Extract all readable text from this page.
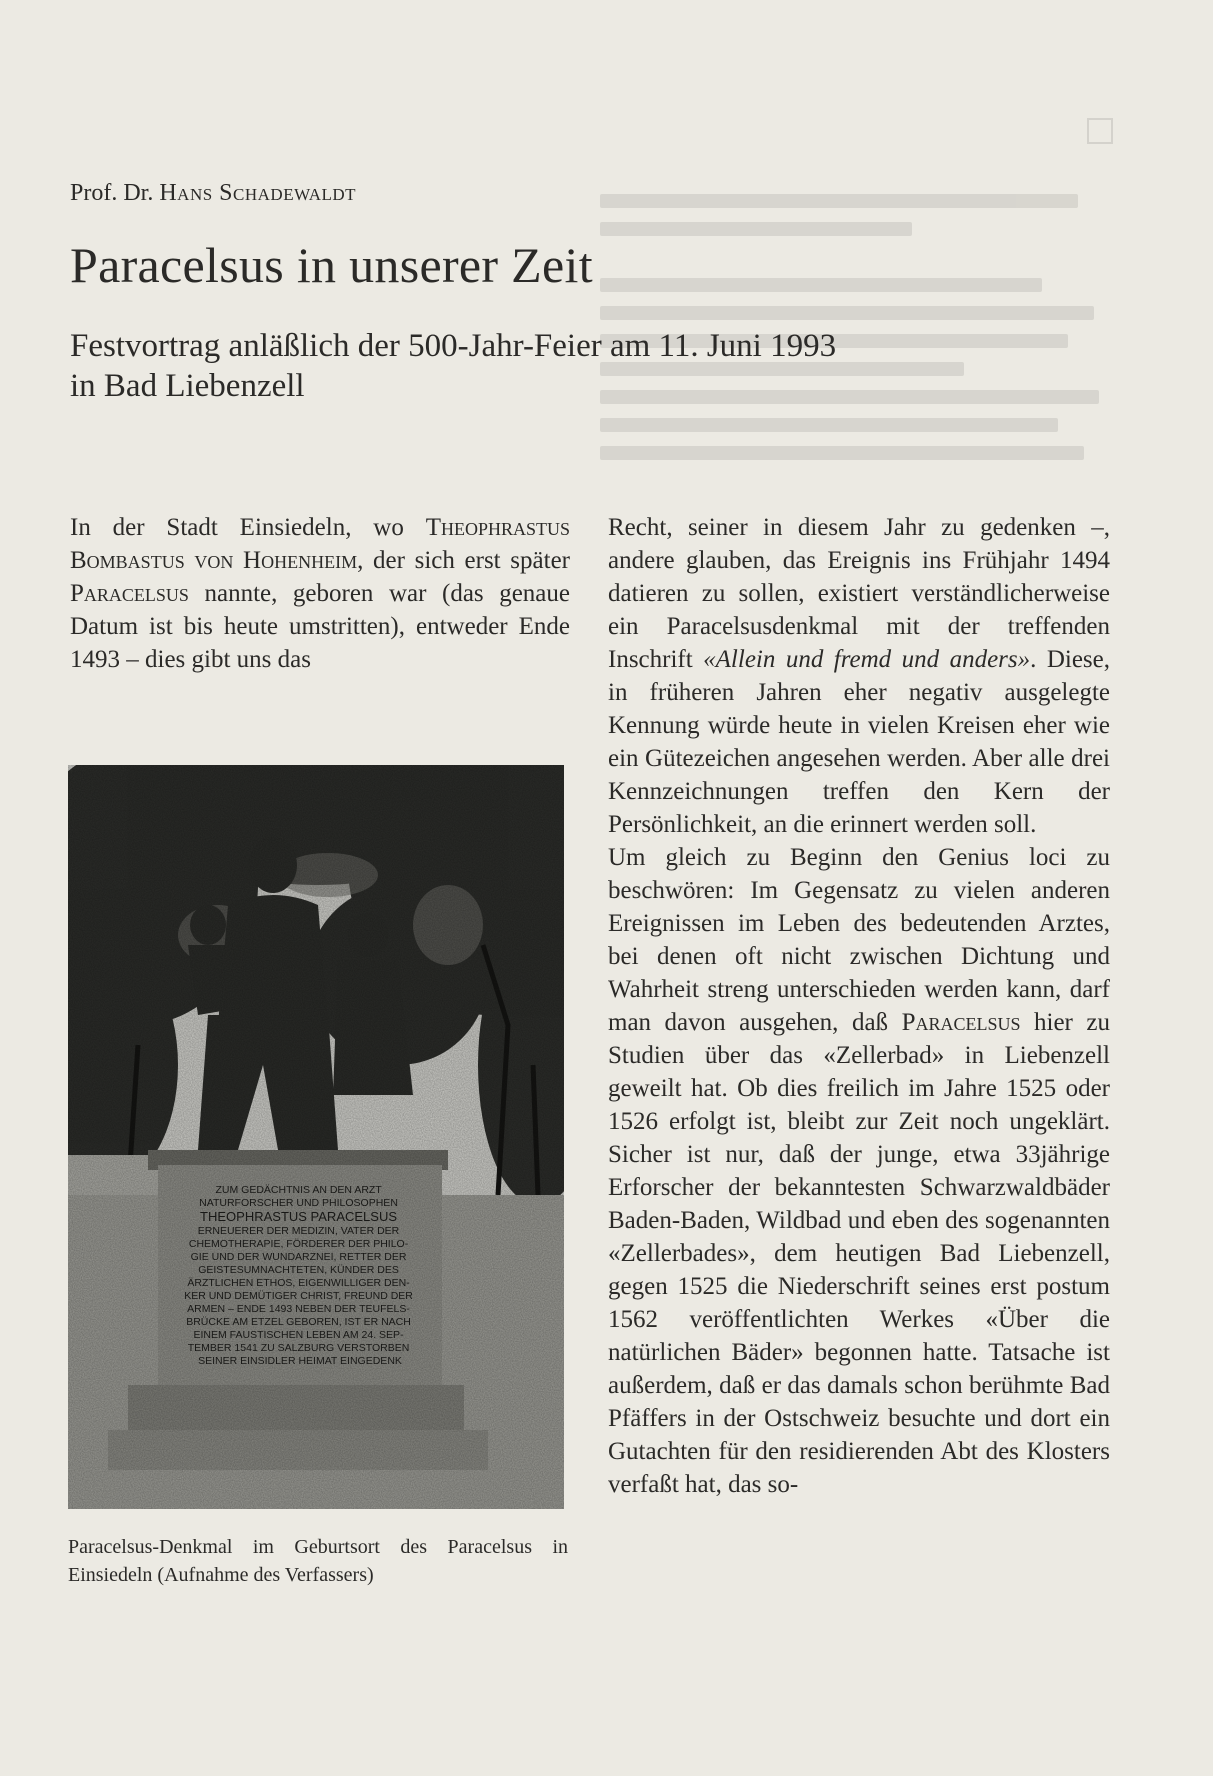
Prof. Dr. Hans Schadewaldt
Paracelsus in unserer Zeit

Festvortrag anläßlich der 500-Jahr-Feier am 11. Juni 1993
in Bad Liebenzell

In der Stadt Einsiedeln, wo Theophrastus Bombastus von Hohenheim, der sich erst später Paracelsus nannte, geboren war (das genaue Datum ist bis heute umstritten), entweder Ende 1493 – dies gibt uns das

Paracelsus-Denkmal im Geburtsort des Paracelsus in Einsiedeln (Aufnahme des Verfassers)

Recht, seiner in diesem Jahr zu gedenken –, andere glauben, das Ereignis ins Frühjahr 1494 datieren zu sollen, existiert verständlicherweise ein Paracelsusdenkmal mit der treffenden Inschrift «Allein und fremd und anders». Diese, in früheren Jahren eher negativ ausgelegte Kennung würde heute in vielen Kreisen eher wie ein Gütezeichen angesehen werden. Aber alle drei Kennzeichnungen treffen den Kern der Persönlichkeit, an die erinnert werden soll.

Um gleich zu Beginn den Genius loci zu beschwören: Im Gegensatz zu vielen anderen Ereignissen im Leben des bedeutenden Arztes, bei denen oft nicht zwischen Dichtung und Wahrheit streng unterschieden werden kann, darf man davon ausgehen, daß Paracelsus hier zu Studien über das «Zellerbad» in Liebenzell geweilt hat. Ob dies freilich im Jahre 1525 oder 1526 erfolgt ist, bleibt zur Zeit noch ungeklärt. Sicher ist nur, daß der junge, etwa 33jährige Erforscher der bekanntesten Schwarzwaldbäder Baden-Baden, Wildbad und eben des sogenannten «Zellerbades», dem heutigen Bad Liebenzell, gegen 1525 die Niederschrift seines erst postum 1562 veröffentlichten Werkes «Über die natürlichen Bäder» begonnen hatte. Tatsache ist außerdem, daß er das damals schon berühmte Bad Pfäffers in der Ostschweiz besuchte und dort ein Gutachten für den residierenden Abt des Klosters verfaßt hat, das so-
